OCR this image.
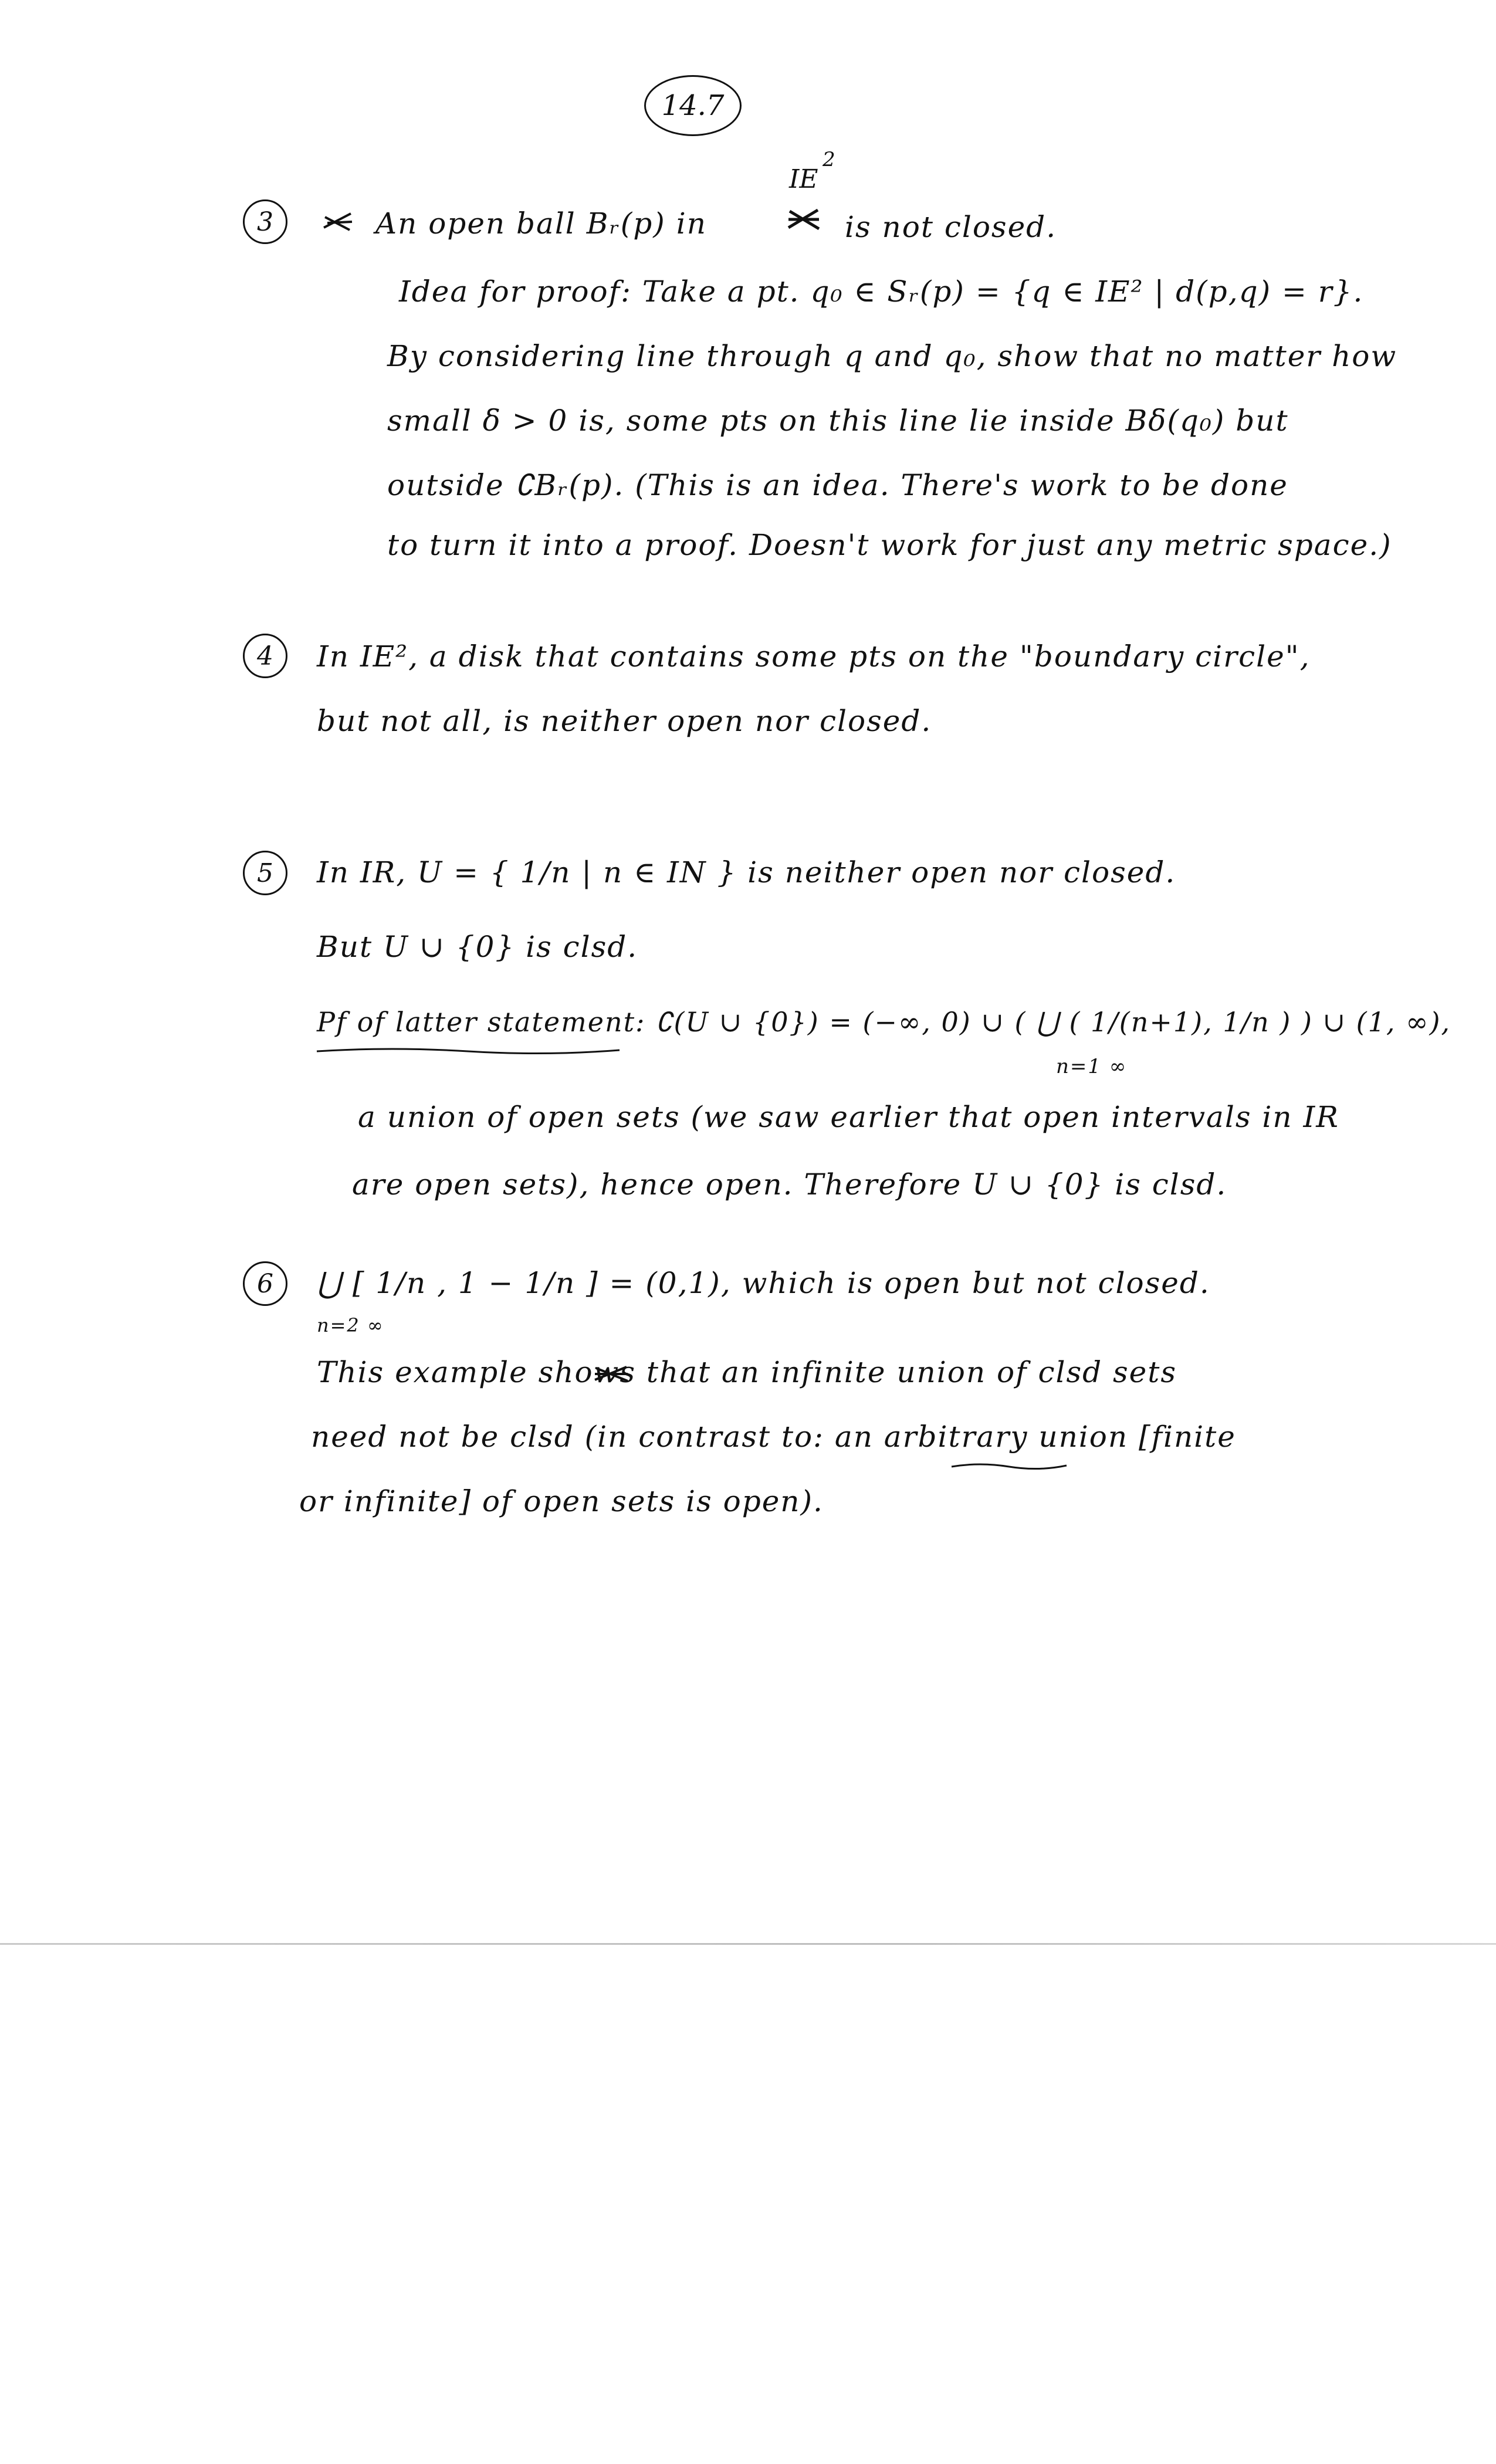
14.7
3	An open ball Bᵣ(p) in
IE
2
is not closed.
Idea for proof: Take a pt. q₀ ∈ Sᵣ(p) = {q ∈ IE² | d(p,q) = r}.
By considering line through q and q₀, show that no matter how
small δ > 0 is, some pts on this line lie inside Bδ(q₀) but
outside ∁Bᵣ(p). (This is an idea. There's work to be done
to turn it into a proof. Doesn't work for just any metric space.)
4 In IE², a disk that contains some pts on the "boundary circle",
but not all, is neither open nor closed.
5 In IR, U = { 1/n | n ∈ IN } is neither open nor closed.
But U ∪ {0} is clsd.
Pf of latter statement: ∁(U ∪ {0}) = (−∞, 0) ∪ ( ⋃ ( 1/(n+1), 1/n ) ) ∪ (1, ∞),
n=1 ∞
a union of open sets (we saw earlier that open intervals in IR
are open sets), hence open. Therefore U ∪ {0} is clsd.
6 ⋃ [ 1/n , 1 − 1/n ] = (0,1), which is open but not closed.
n=2 ∞
This example shows that an infinite union of clsd sets
need not be clsd (in contrast to: an arbitrary union [finite
or infinite] of open sets is open).
